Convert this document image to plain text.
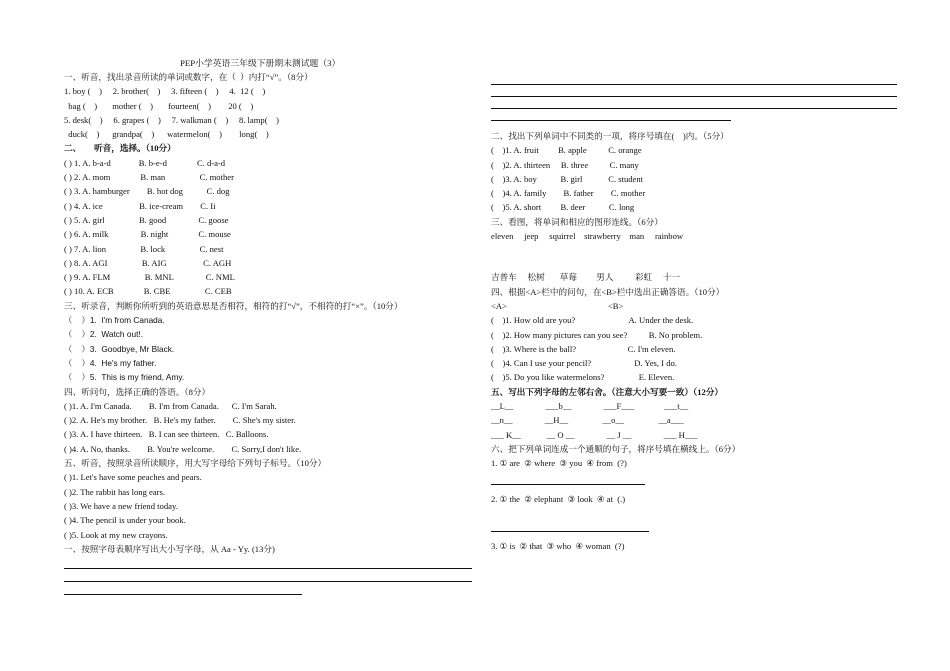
PEP小学英语三年级下册期末测试题（3）
一、听音，找出录音所读的单词或数字，在（  ）内打“√”。（8分）
1. boy (    )     2. brother(    )     3. fifteen (    )     4.  12 (    )
bag (    )       mother (    )       fourteen(    )        20 (    )
5. desk(    )     6. grapes (    )     7. walkman (    )     8. lamp(    )
duck(    )      grandpa(    )      watermelon(    )        long(    )
二、      听音，选择。（10分）
( ) 1. A. b-a-d             B. b-e-d              C. d-a-d
( ) 2. A. mom              B. man                C. mother
( ) 3. A. hamburger        B. hot dog           C. dog
( ) 4. A. ice                 B. ice-cream        C. Ii
( ) 5. A. girl                B. good               C. goose
( ) 6. A. milk               B. night              C. mouse
( ) 7. A. lion                B. lock                C. nest
( ) 8. A. AGI                B. AIG                 C. AGH
( ) 9. A. FLM                B. MNL               C. NML
( ) 10. A. ECB              B. CBE                C. CEB
三、听录音，判断你所听到的英语意思是否相符，相符的打“√”，不相符的打“×”。（10分）
（    ）1.  I'm from Canada.
（    ）2.  Watch out!.
（    ）3.  Goodbye, Mr Black.
（    ）4.  He's my father.
（    ）5.  This is my friend, Amy.
四、听问句，选择正确的答语。（8分）
( )1. A. I'm Canada.        B. I'm from Canada.      C. I'm Sarah.
( )2. A. He's my brother.   B. He's my father.        C. She's my sister.
( )3. A. I have thirteen.   B. I can see thirteen.   C. Balloons.
( )4. A. No, thanks.        B. You're welcome.        C. Sorry,I don't like.
五、听音，按照录音所读顺序，用大写字母给下列句子标号。（10分）
( )1. Let's have some peaches and pears.
( )2. The rabbit has long ears.
( )3. We have a new friend today.
( )4. The pencil is under your book.
( )5. Look at my new crayons.
一、按照字母表顺序写出大小写字母，从 Aa - Yy. (13分)
二、找出下列单词中不同类的一项，将序号填在(    )内。（5分）
(    )1. A. fruit         B. apple          C. orange
(    )2. A. thirteen     B. three          C. many
(    )3. A. boy           B. girl            C. student
(    )4. A. family        B. father        C. mother
(    )5. A. short         B. deer           C. long
三、看图，将单词和相应的图形连线。（6分）
eleven     jeep     squirrel    strawberry    man     rainbow
吉普车     松树       草莓         男人          彩虹     十一
四、根据<A>栏中的问句，在<B>栏中选出正确答语。（10分）
<A>                                               <B>
(    )1. How old are you?                         A. Under the desk.
(    )2. How many pictures can you see?          B. No problem.
(    )3. Where is the ball?                        C. I'm eleven.
(    )4. Can I use your pencil?                    D. Yes, I do.
(    )5. Do you like watermelons?                E. Eleven.
五、写出下列字母的左邻右舍。（注意大小写要一致）（12分）
__L__               ___b__               ___F___              ___t__
__n__               __H__                __o__                __a___
___ K__            __ O __               __ J __               ___ H___
六、把下列单词连成一个通顺的句子，将序号填在横线上。（6分）
1. ① are  ② where  ③ you  ④ from  (?)
2. ① the  ② elephant  ③ look  ④ at  (.)
3. ① is  ② that  ③ who  ④ woman  (?)
